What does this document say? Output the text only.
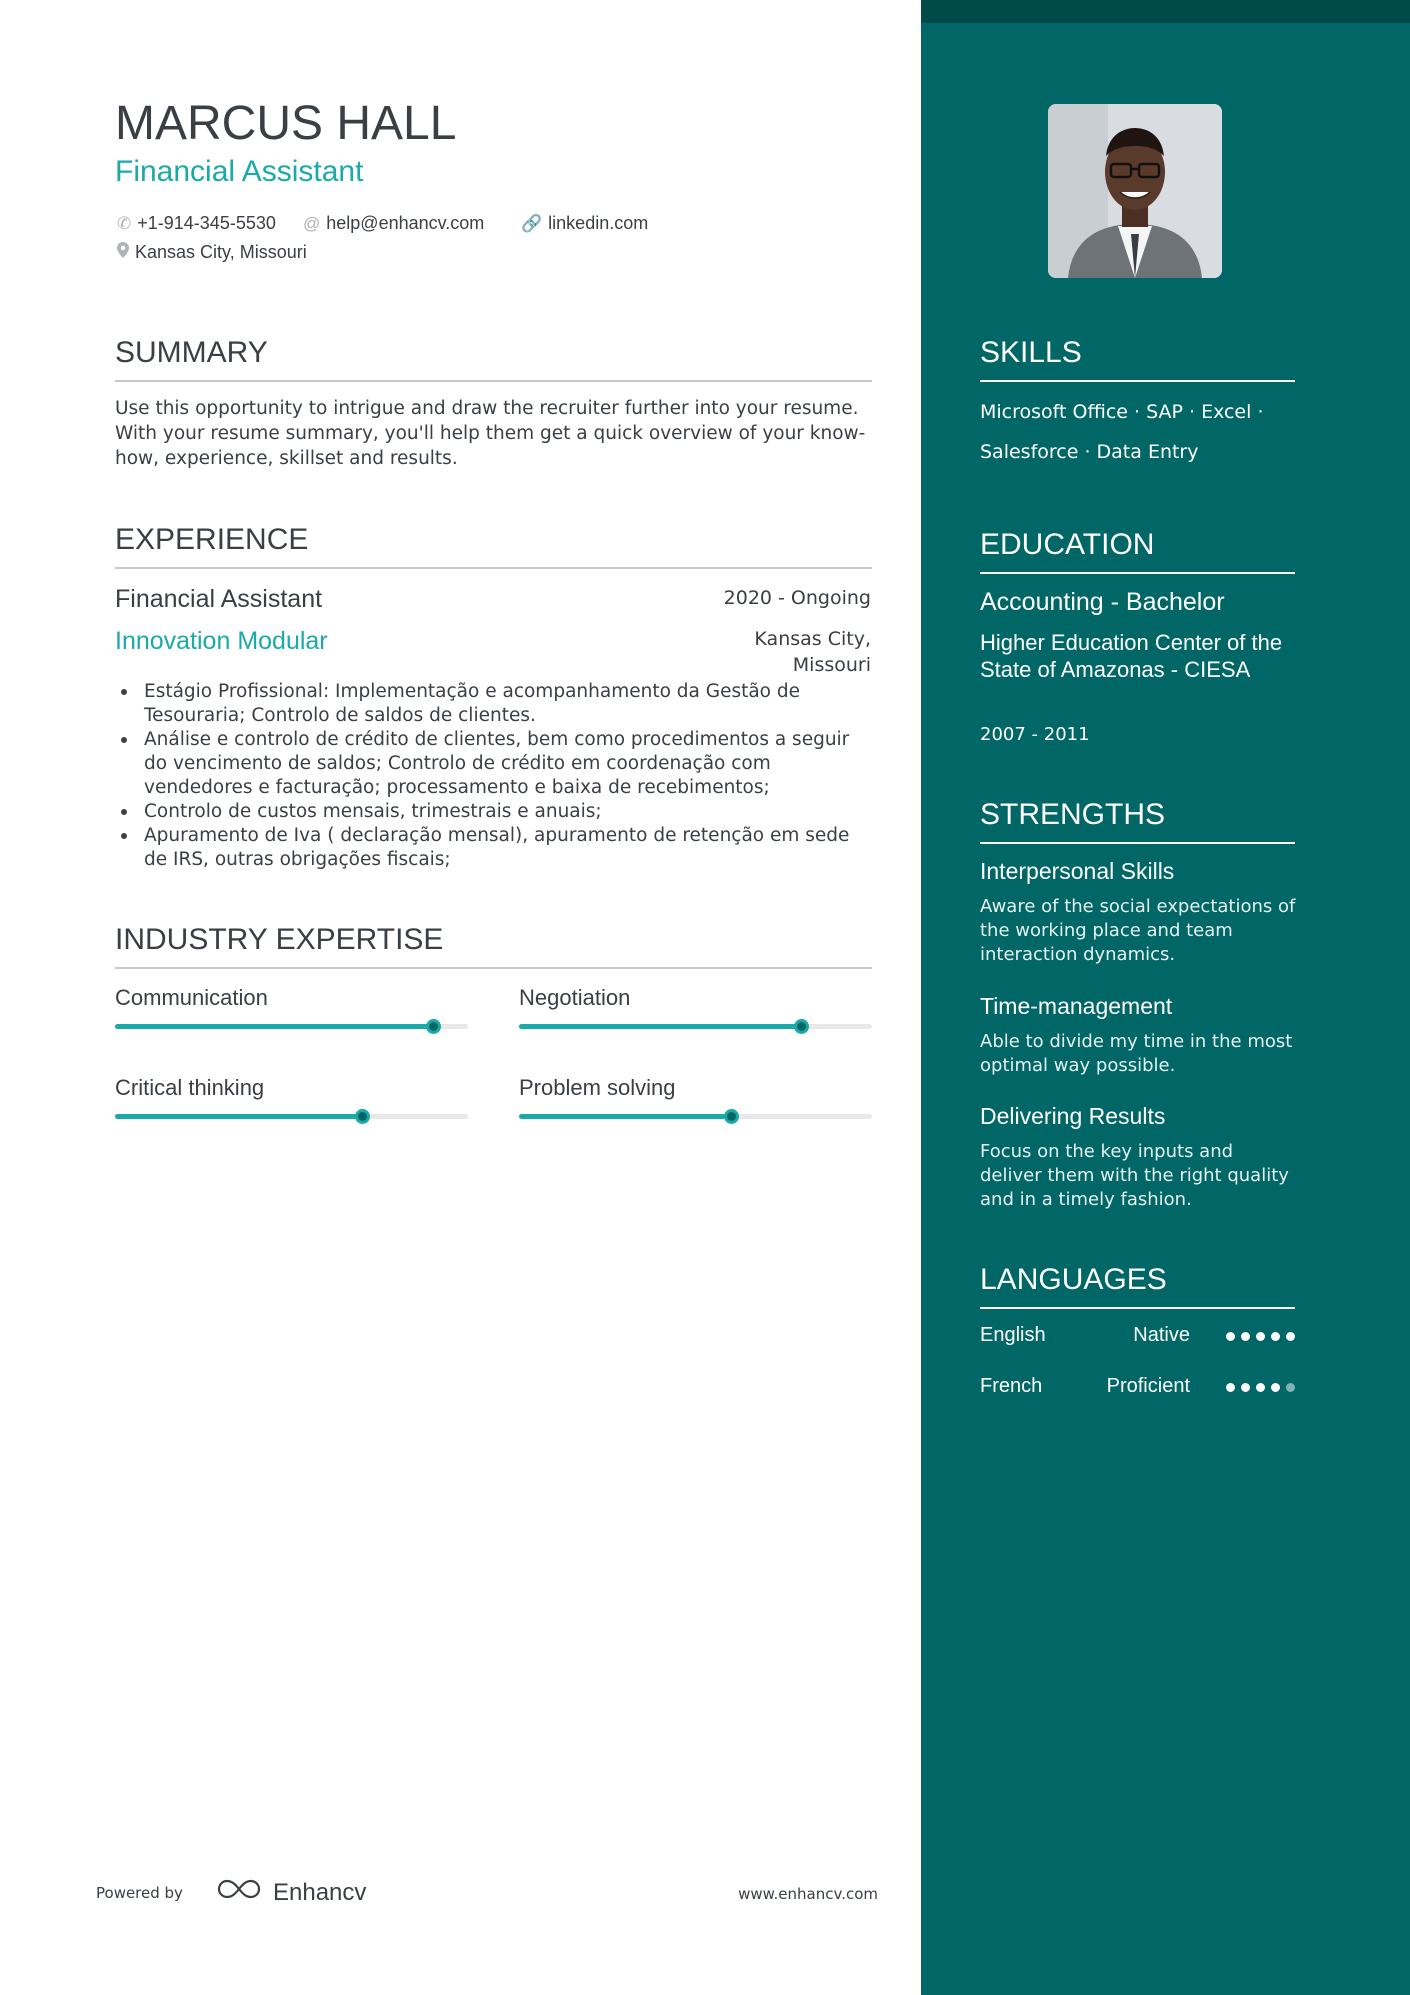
MARCUS HALL
Financial Assistant
✆ +1-914-345-5530 @ help@enhancv.com 🔗 linkedin.com
Kansas City, Missouri
SUMMARY
Use this opportunity to intrigue and draw the recruiter further into your resume. With your resume summary, you'll help them get a quick overview of your know-how, experience, skillset and results.
EXPERIENCE
Financial Assistant	2020 - Ongoing
Innovation Modular	Kansas City, Missouri
Estágio Profissional: Implementação e acompanhamento da Gestão de Tesouraria; Controlo de saldos de clientes.
Análise e controlo de crédito de clientes, bem como procedimentos a seguir do vencimento de saldos; Controlo de crédito em coordenação com vendedores e facturação; processamento e baixa de recebimentos;
Controlo de custos mensais, trimestrais e anuais;
Apuramento de Iva ( declaração mensal), apuramento de retenção em sede de IRS, outras obrigações fiscais;
INDUSTRY EXPERTISE
Communication	Negotiation
Critical thinking	Problem solving
Powered by	Enhancv	www.enhancv.com
SKILLS
Microsoft Office · SAP · Excel · Salesforce · Data Entry
EDUCATION
Accounting - Bachelor
Higher Education Center of the State of Amazonas - CIESA
2007 - 2011
STRENGTHS
Interpersonal Skills
Aware of the social expectations of the working place and team interaction dynamics.
Time-management
Able to divide my time in the most optimal way possible.
Delivering Results
Focus on the key inputs and deliver them with the right quality and in a timely fashion.
LANGUAGES
English	Native
French	Proficient
